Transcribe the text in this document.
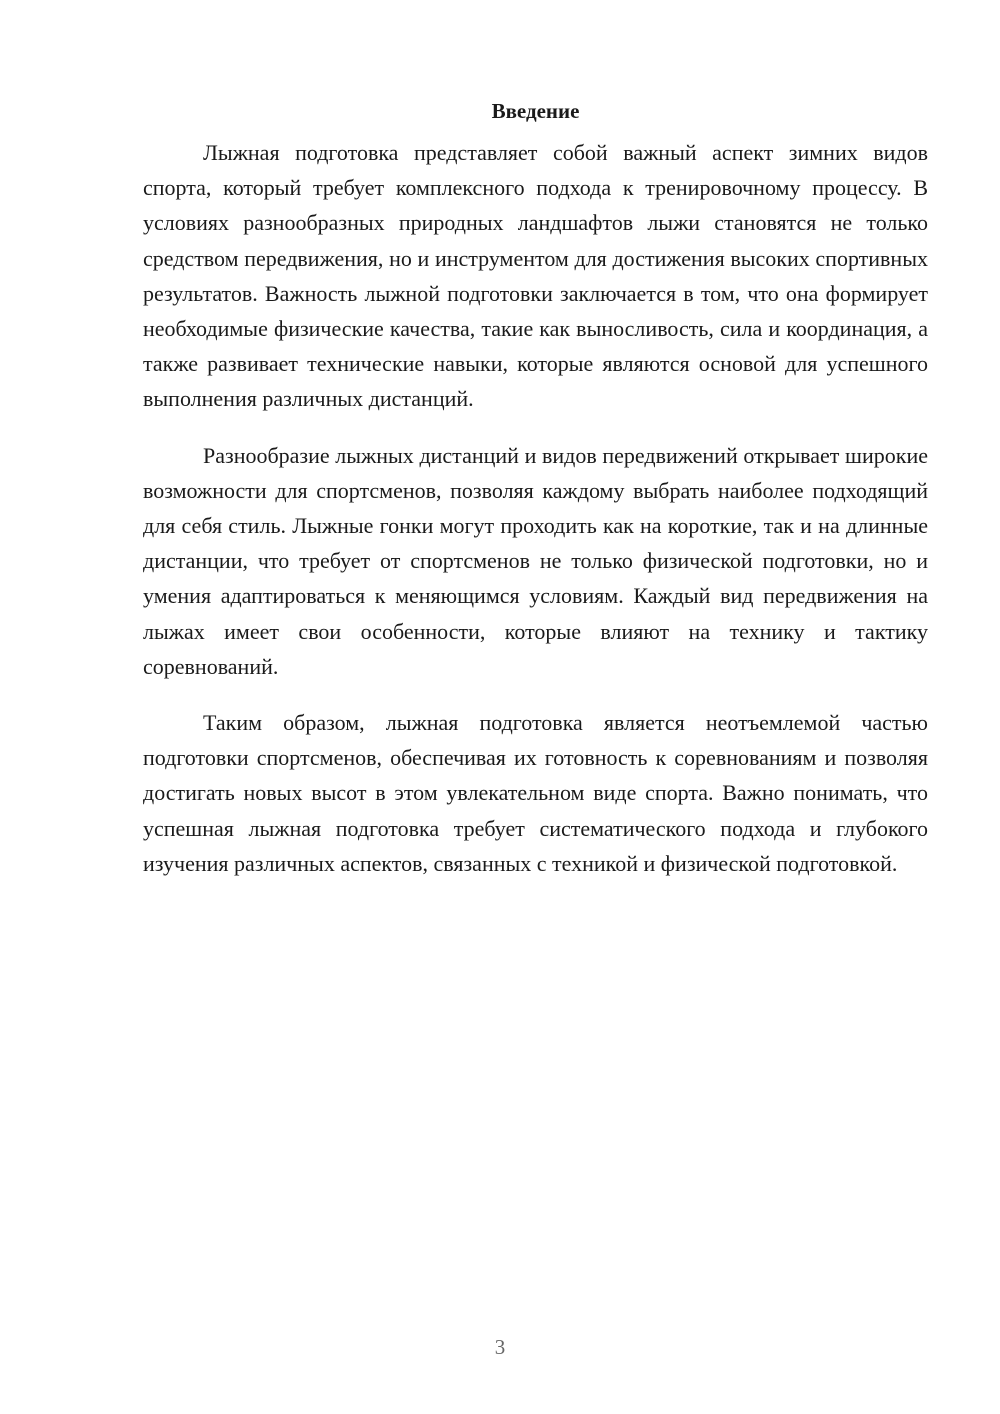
Введение

Лыжная подготовка представляет собой важный аспект зимних видов спорта, который требует комплексного подхода к тренировочному процессу. В условиях разнообразных природных ландшафтов лыжи становятся не только средством передвижения, но и инструментом для достижения высоких спортивных результатов. Важность лыжной подготовки заключается в том, что она формирует необходимые физические качества, такие как выносливость, сила и координация, а также развивает технические навыки, которые являются основой для успешного выполнения различных дистанций.

Разнообразие лыжных дистанций и видов передвижений открывает широкие возможности для спортсменов, позволяя каждому выбрать наиболее подходящий для себя стиль. Лыжные гонки могут проходить как на короткие, так и на длинные дистанции, что требует от спортсменов не только физической подготовки, но и умения адаптироваться к меняющимся условиям. Каждый вид передвижения на лыжах имеет свои особенности, которые влияют на технику и тактику соревнований.

Таким образом, лыжная подготовка является неотъемлемой частью подготовки спортсменов, обеспечивая их готовность к соревнованиям и позволяя достигать новых высот в этом увлекательном виде спорта. Важно понимать, что успешная лыжная подготовка требует систематического подхода и глубокого изучения различных аспектов, связанных с техникой и физической подготовкой.

3
